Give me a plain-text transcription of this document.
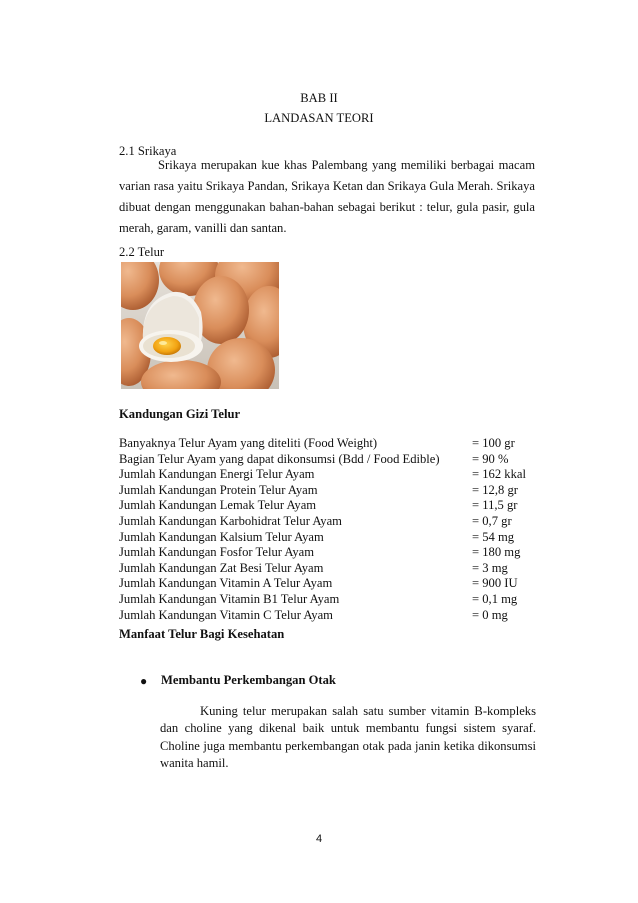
BAB II
LANDASAN TEORI
2.1 Srikaya
Srikaya merupakan kue khas Palembang yang memiliki berbagai macam varian rasa yaitu Srikaya Pandan, Srikaya Ketan dan Srikaya Gula Merah. Srikaya dibuat dengan menggunakan bahan-bahan sebagai berikut : telur, gula pasir, gula merah, garam, vanilli dan santan.
2.2 Telur
Kandungan Gizi Telur
Banyaknya Telur Ayam yang diteliti (Food Weight)	= 100 gr
Bagian Telur Ayam yang dapat dikonsumsi (Bdd / Food Edible)	= 90 %
Jumlah Kandungan Energi Telur Ayam	= 162 kkal
Jumlah Kandungan Protein Telur Ayam	= 12,8 gr
Jumlah Kandungan Lemak Telur Ayam	= 11,5 gr
Jumlah Kandungan Karbohidrat Telur Ayam	= 0,7 gr
Jumlah Kandungan Kalsium Telur Ayam	= 54 mg
Jumlah Kandungan Fosfor Telur Ayam	= 180 mg
Jumlah Kandungan Zat Besi Telur Ayam	= 3 mg
Jumlah Kandungan Vitamin A Telur Ayam	= 900 IU
Jumlah Kandungan Vitamin B1 Telur Ayam	= 0,1 mg
Jumlah Kandungan Vitamin C Telur Ayam	= 0 mg
Manfaat Telur Bagi Kesehatan
● Membantu Perkembangan Otak
Kuning telur merupakan salah satu sumber vitamin B-kompleks dan choline yang dikenal baik untuk membantu fungsi sistem syaraf. Choline juga membantu perkembangan otak pada janin ketika dikonsumsi wanita hamil.
4
